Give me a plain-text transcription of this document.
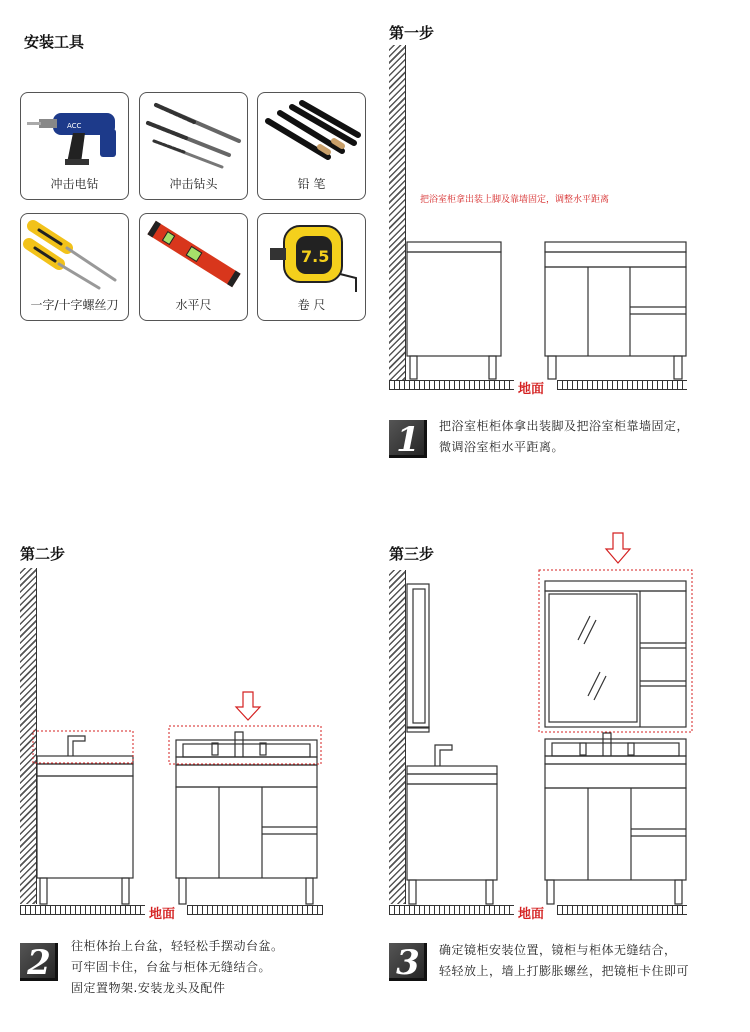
安装工具
ACC
冲击电钻	冲击钻头	铅 笔
一字/十字螺丝刀	水平尺
7.5
卷 尺
第一步
把浴室柜拿出装上脚及靠墙固定，调整水平距离
地面
1	把浴室柜柜体拿出装脚及把浴室柜靠墙固定，
微调浴室柜水平距离。
第二步
地面
2	往柜体抬上台盆，轻轻松手摆动台盆。
可牢固卡住，台盆与柜体无缝结合。
固定置物架.安装龙头及配件
第三步
地面
3	确定镜柜安装位置，镜柜与柜体无缝结合，
轻轻放上，墙上打膨胀螺丝，把镜柜卡住即可
